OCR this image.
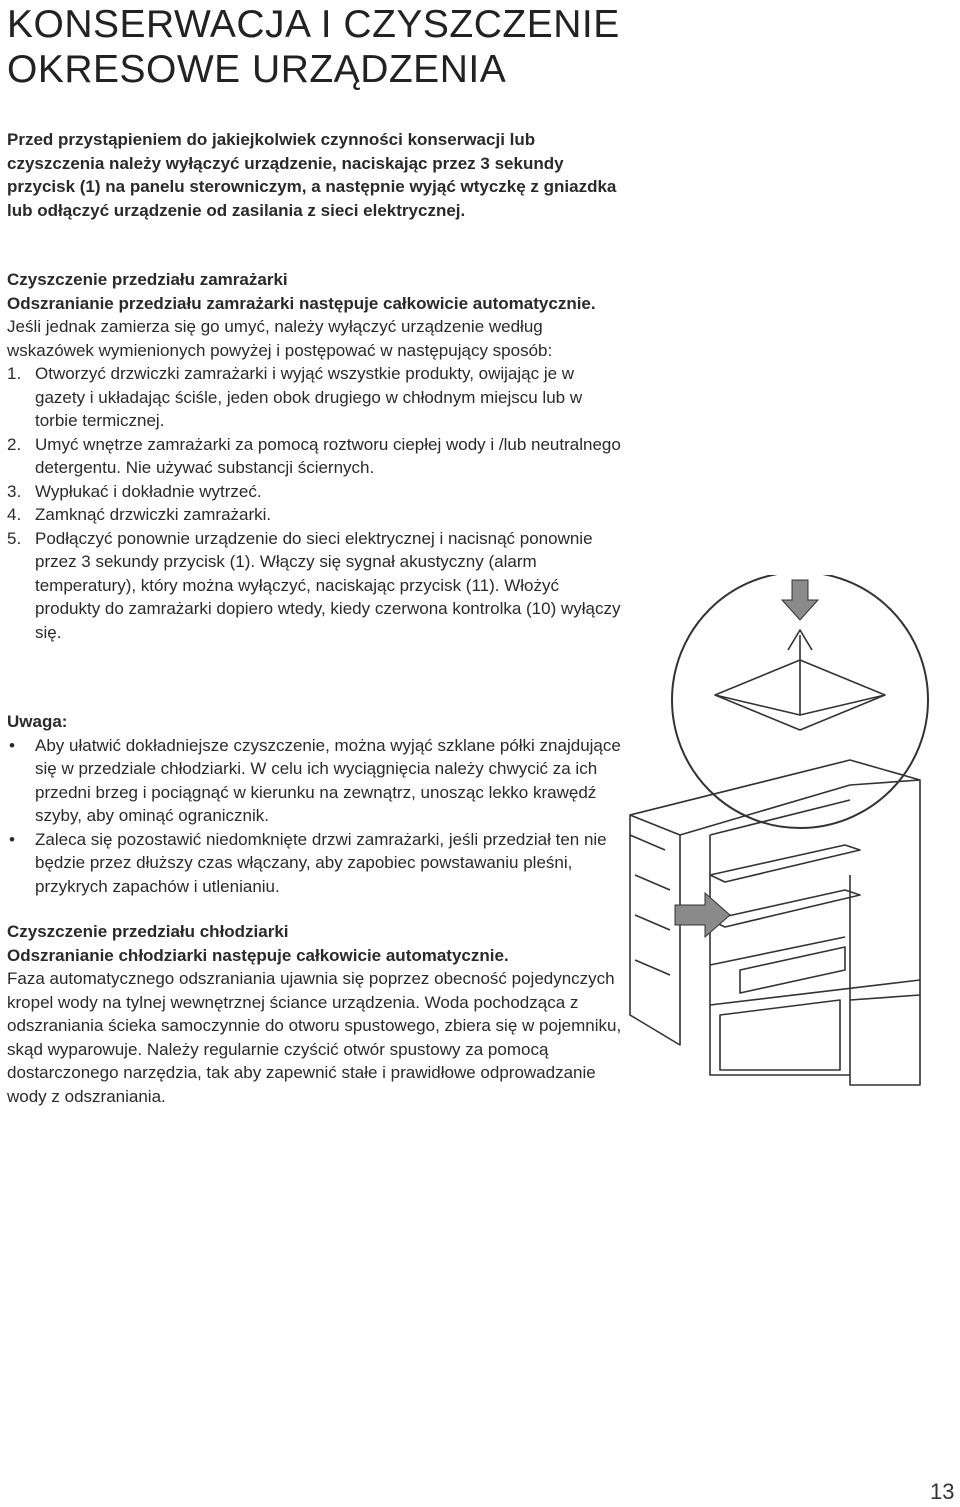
KONSERWACJA I CZYSZCZENIE
OKRESOWE URZĄDZENIA

Przed przystąpieniem do jakiejkolwiek czynności konserwacji lub czyszczenia należy wyłączyć urządzenie, naciskając przez 3 sekundy przycisk (1) na panelu sterowniczym, a następnie wyjąć wtyczkę z gniazdka lub odłączyć urządzenie od zasilania z sieci elektrycznej.

Czyszczenie przedziału zamrażarki

Odszranianie przedziału zamrażarki następuje całkowicie automatycznie.

Jeśli jednak zamierza się go umyć, należy wyłączyć urządzenie według wskazówek wymienionych powyżej i postępować w następujący sposób:

1. Otworzyć drzwiczki zamrażarki i wyjąć wszystkie produkty, owijając je w gazety i układając ściśle, jeden obok drugiego w chłodnym miejscu lub w torbie termicznej.
2. Umyć wnętrze zamrażarki za pomocą roztworu ciepłej wody i /lub neutralnego detergentu. Nie używać substancji ściernych.
3. Wypłukać i dokładnie wytrzeć.
4. Zamknąć drzwiczki zamrażarki.
5. Podłączyć ponownie urządzenie do sieci elektrycznej i nacisnąć ponownie przez 3 sekundy przycisk (1). Włączy się sygnał akustyczny (alarm temperatury), który można wyłączyć, naciskając przycisk (11). Włożyć produkty do zamrażarki dopiero wtedy, kiedy czerwona kontrolka (10) wyłączy się.

Uwaga:

• Aby ułatwić dokładniejsze czyszczenie, można wyjąć szklane półki znajdujące się w przedziale chłodziarki. W celu ich wyciągnięcia należy chwycić za ich przedni brzeg i pociągnąć w kierunku na zewnątrz, unosząc lekko krawędź szyby, aby ominąć ogranicznik.
• Zaleca się pozostawić niedomknięte drzwi zamrażarki, jeśli przedział ten nie będzie przez dłuższy czas włączany, aby zapobiec powstawaniu pleśni, przykrych zapachów i utlenianiu.

Czyszczenie przedziału chłodziarki

Odszranianie chłodziarki następuje całkowicie automatycznie.

Faza automatycznego odszraniania ujawnia się poprzez obecność pojedynczych kropel wody na tylnej wewnętrznej ściance urządzenia. Woda pochodząca z odszraniania ścieka samoczynnie do otworu spustowego, zbiera się w pojemniku, skąd wyparowuje. Należy regularnie czyścić otwór spustowy za pomocą dostarczonego narzędzia, tak aby zapewnić stałe i prawidłowe odprowadzanie wody z odszraniania.

13
